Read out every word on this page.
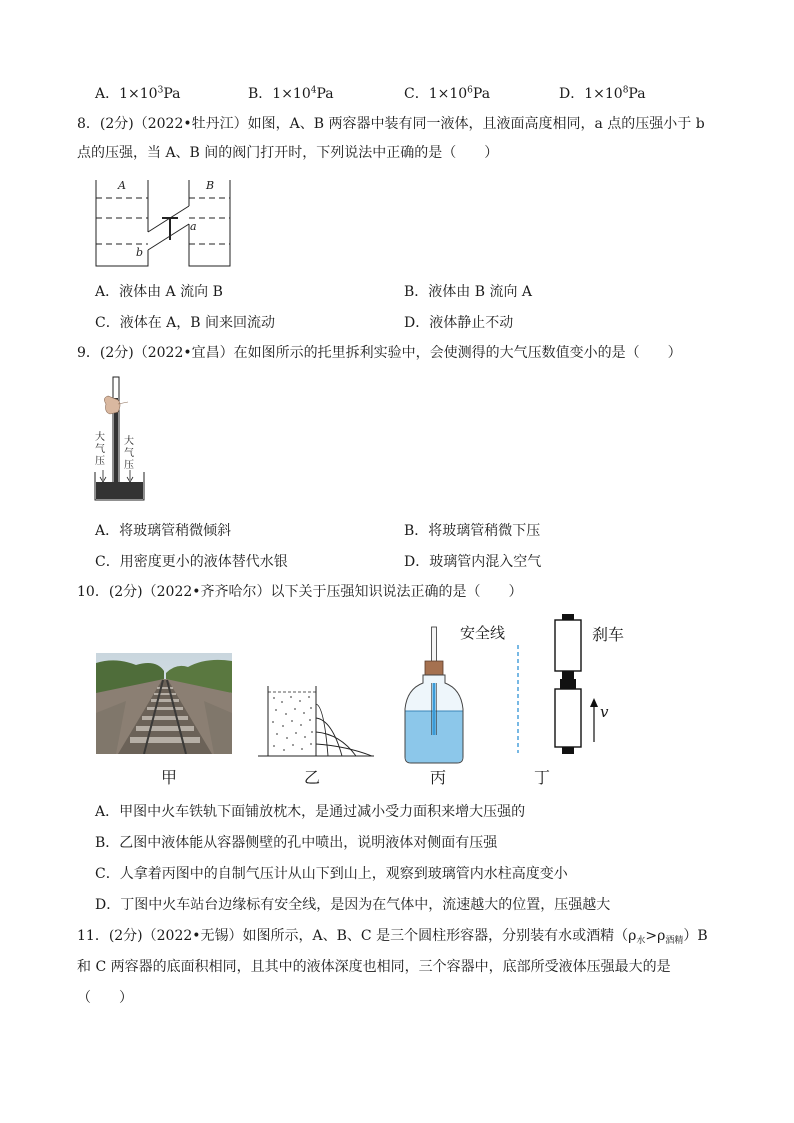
A．$1\times 10^3Pa$	B．$1\times 10^4Pa$	C．$1\times 10^6Pa$	D．$1\times 10^8Pa$
8．(2分)（2022•牡丹江）如图，A、B 两容器中装有同一液体，且液面高度相同，a 点的压强小于 b
点的压强，当 A、B 间的阀门打开时，下列说法中正确的是（　　）
A	B
a
b
A．液体由 A 流向 B	B．液体由 B 流向 A
C．液体在 A，B 间来回流动	D．液体静止不动
9．(2分)（2022•宜昌）在如图所示的托里拆利实验中，会使测得的大气压数值变小的是（　　）
大
气
压
大
气
压
A．将玻璃管稍微倾斜	B．将玻璃管稍微下压
C．用密度更小的液体替代水银	D．玻璃管内混入空气
10．(2分)（2022•齐齐哈尔）以下关于压强知识说法正确的是（　　）
安全线	刹车
v
甲	乙	丙	丁
A．甲图中火车铁轨下面铺放枕木，是通过减小受力面积来增大压强的
B．乙图中液体能从容器侧壁的孔中喷出，说明液体对侧面有压强
C．人拿着丙图中的自制气压计从山下到山上，观察到玻璃管内水柱高度变小
D．丁图中火车站台边缘标有安全线，是因为在气体中，流速越大的位置，压强越大
11．(2分)（2022•无锡）如图所示，A、B、C 是三个圆柱形容器，分别装有水或酒精$(\rho_水>\rho_{酒精})B$
和 C 两容器的底面积相同，且其中的液体深度也相同，三个容器中，底部所受液体压强最大的是
（　　）
